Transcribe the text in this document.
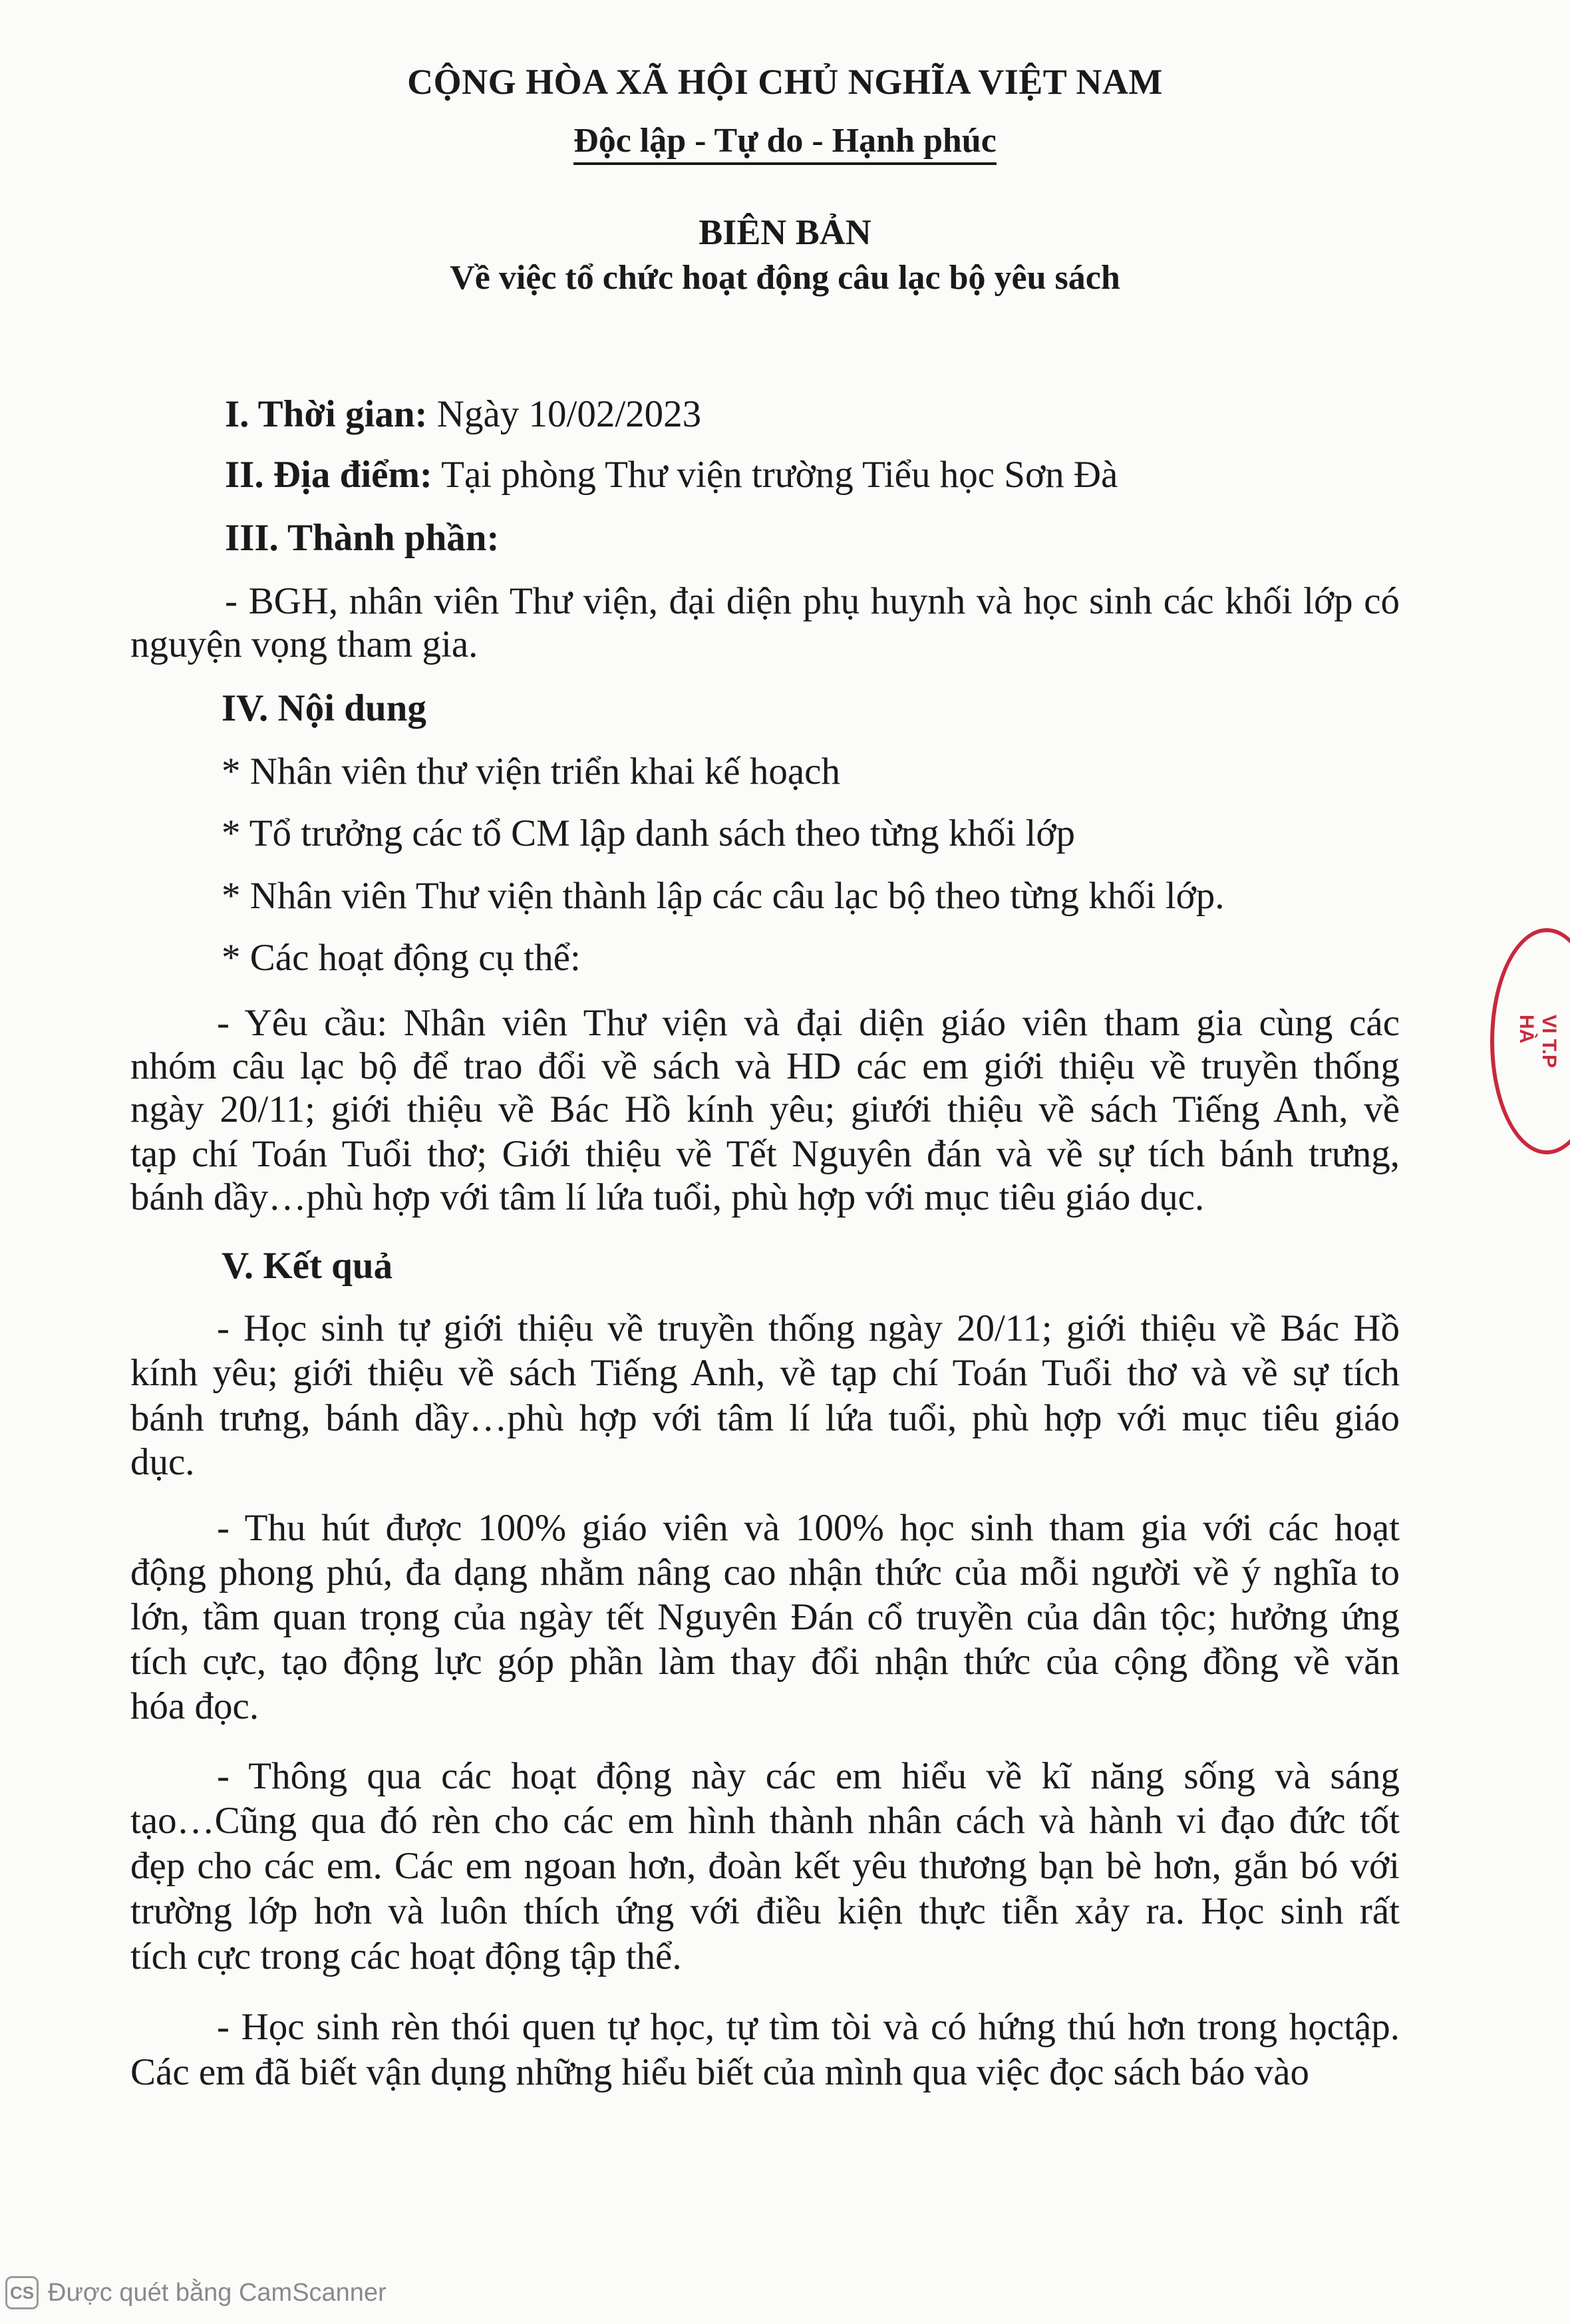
CỘNG HÒA XÃ HỘI CHỦ NGHĨA VIỆT NAM
Độc lập - Tự do - Hạnh phúc
BIÊN BẢN
Về việc tổ chức hoạt động câu lạc bộ yêu sách
I. Thời gian: Ngày 10/02/2023
II. Địa điểm: Tại phòng Thư viện trường Tiểu học Sơn Đà
III. Thành phần:
- BGH, nhân viên Thư viện, đại diện phụ huynh và học sinh các khối lớp có
nguyện vọng tham gia.
IV. Nội dung
* Nhân viên thư viện triển khai kế hoạch
* Tổ trưởng các tổ CM lập danh sách theo từng khối lớp
* Nhân viên Thư viện thành lập các câu lạc bộ theo từng khối lớp.
* Các hoạt động cụ thể:
- Yêu cầu: Nhân viên Thư viện và đại diện giáo viên tham gia cùng các
nhóm câu lạc bộ để trao đổi về sách và HD các em giới thiệu về truyền thống
ngày 20/11; giới thiệu về Bác Hồ kính yêu; giưới thiệu về sách Tiếng Anh, về
tạp chí Toán Tuổi thơ; Giới thiệu về Tết Nguyên đán và về sự tích bánh trưng,
bánh dầy…phù hợp với tâm lí lứa tuổi, phù hợp với mục tiêu giáo dục.
V. Kết quả
- Học sinh tự giới thiệu về truyền thống ngày 20/11; giới thiệu về Bác Hồ
kính yêu; giới thiệu về sách Tiếng Anh, về tạp chí Toán Tuổi thơ và về sự tích
bánh trưng, bánh dầy…phù hợp với tâm lí lứa tuổi, phù hợp với mục tiêu giáo
dục.
- Thu hút được 100% giáo viên và 100% học sinh tham gia với các hoạt
động phong phú, đa dạng nhằm nâng cao nhận thức của mỗi người về ý nghĩa to
lớn, tầm quan trọng của ngày tết Nguyên Đán cổ truyền của dân tộc; hưởng ứng
tích cực, tạo động lực góp phần làm thay đổi nhận thức của cộng đồng về văn
hóa đọc.
- Thông qua các hoạt động này các em hiểu về kĩ năng sống và sáng
tạo…Cũng qua đó rèn cho các em hình thành nhân cách và hành vi đạo đức tốt
đẹp cho các em. Các em ngoan hơn, đoàn kết yêu thương bạn bè hơn, gắn bó với
trường lớp hơn và luôn thích ứng với điều kiện thực tiễn xảy ra. Học sinh rất
tích cực trong các hoạt động tập thể.
- Học sinh rèn thói quen tự học, tự tìm tòi và có hứng thú hơn trong họctập.
Các em đã biết vận dụng những hiểu biết của mình qua việc đọc sách báo vào
VI T.P HÀ
CS Được quét bằng CamScanner
